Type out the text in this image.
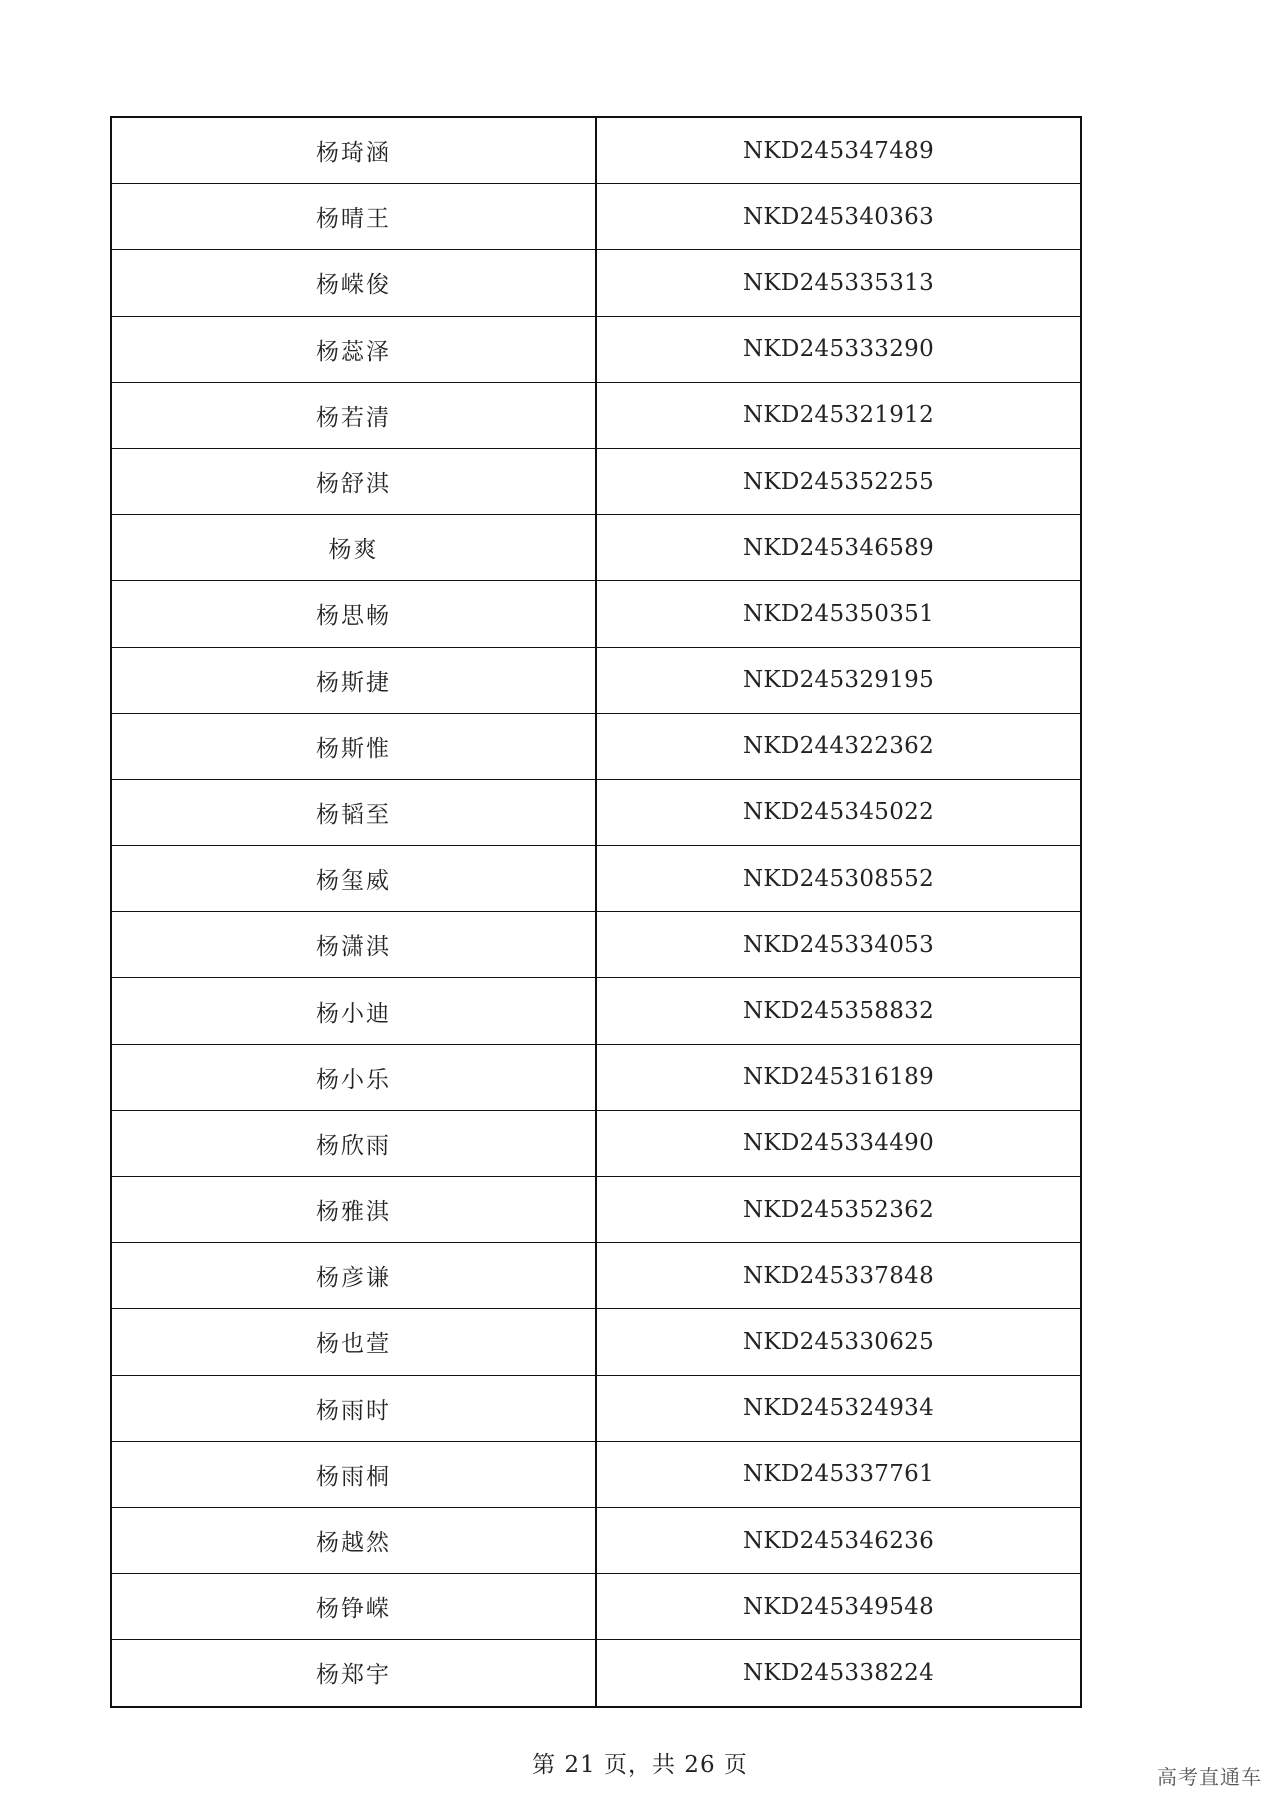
杨琦涵	NKD245347489
杨晴王	NKD245340363
杨嵘俊	NKD245335313
杨蕊泽	NKD245333290
杨若清	NKD245321912
杨舒淇	NKD245352255
杨爽	NKD245346589
杨思畅	NKD245350351
杨斯捷	NKD245329195
杨斯惟	NKD244322362
杨韬至	NKD245345022
杨玺威	NKD245308552
杨潇淇	NKD245334053
杨小迪	NKD245358832
杨小乐	NKD245316189
杨欣雨	NKD245334490
杨雅淇	NKD245352362
杨彦谦	NKD245337848
杨也萱	NKD245330625
杨雨时	NKD245324934
杨雨桐	NKD245337761
杨越然	NKD245346236
杨铮嵘	NKD245349548
杨郑宇	NKD245338224
第 21 页，共 26 页	高考直通车
